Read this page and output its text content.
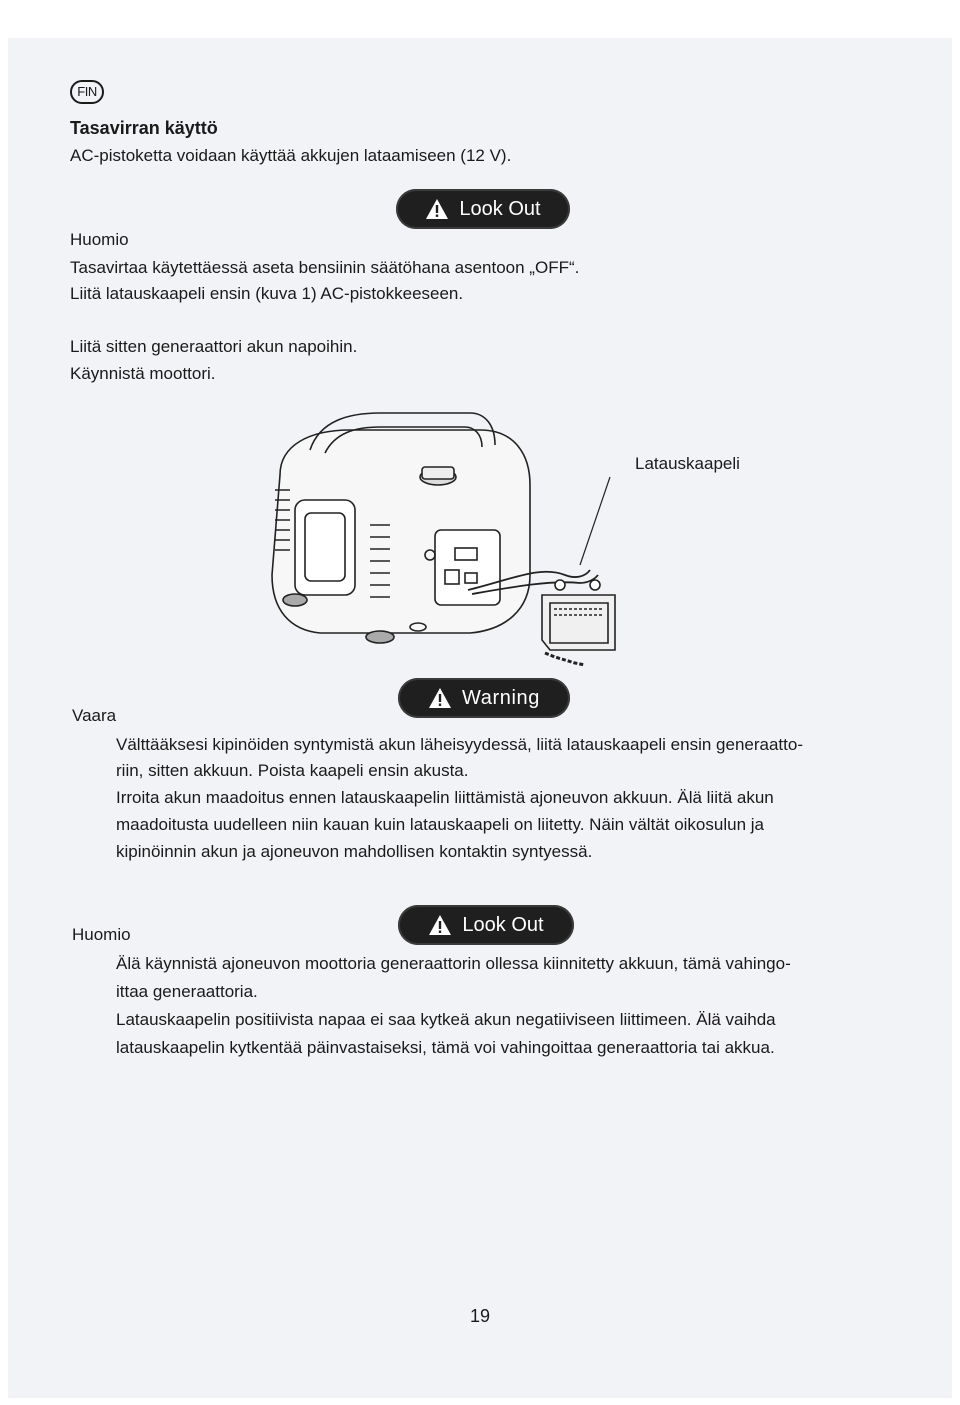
FIN
Tasavirran käyttö
AC-pistoketta voidaan käyttää akkujen lataamiseen (12 V).
Look Out
Huomio
Tasavirtaa käytettäessä aseta bensiinin säätöhana asentoon „OFF“.
Liitä latauskaapeli ensin (kuva 1) AC-pistokkeeseen.
Liitä sitten generaattori akun napoihin.
Käynnistä moottori.
Latauskaapeli
Warning
Vaara
Välttääksesi kipinöiden syntymistä akun läheisyydessä, liitä latauskaapeli ensin generaatto-
riin, sitten akkuun. Poista kaapeli ensin akusta.
Irroita akun maadoitus ennen latauskaapelin liittämistä ajoneuvon akkuun. Älä liitä akun
maadoitusta uudelleen niin kauan kuin latauskaapeli on liitetty. Näin vältät oikosulun ja
kipinöinnin akun ja ajoneuvon mahdollisen kontaktin syntyessä.
Look Out
Huomio
Älä käynnistä ajoneuvon moottoria generaattorin ollessa kiinnitetty akkuun, tämä vahingo-
ittaa generaattoria.
Latauskaapelin positiivista napaa ei saa kytkeä akun negatiiviseen liittimeen. Älä vaihda
latauskaapelin kytkentää päinvastaiseksi, tämä voi vahingoittaa generaattoria tai akkua.
19
